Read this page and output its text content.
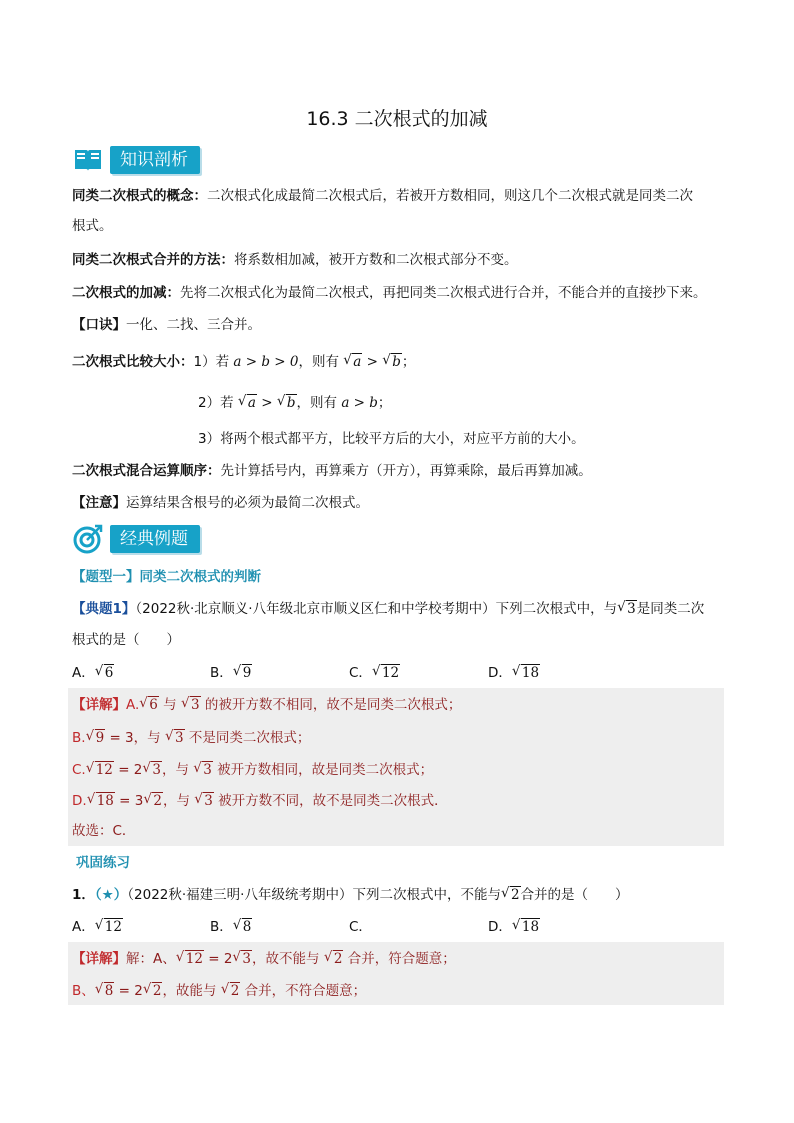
16.3 二次根式的加减
知识剖析
同类二次根式的概念：二次根式化成最简二次根式后，若被开方数相同，则这几个二次根式就是同类二次
根式。
同类二次根式合并的方法：将系数相加减，被开方数和二次根式部分不变。
二次根式的加减：先将二次根式化为最简二次根式，再把同类二次根式进行合并，不能合并的直接抄下来。
【口诀】一化、二找、三合并。
二次根式比较大小：1）若 a > b > 0，则有 √ a > √ b；
2）若 √ a > √ b，则有 a > b；
3）将两个根式都平方，比较平方后的大小，对应平方前的大小。
二次根式混合运算顺序：先计算括号内，再算乘方（开方），再算乘除，最后再算加减。
【注意】运算结果含根号的必须为最简二次根式。
经典例题
【题型一】同类二次根式的判断
【典题1】（2022秋·北京顺义·八年级北京市顺义区仁和中学校考期中）下列二次根式中，与 √ 3是同类二次
根式的是（　　）
A． √ 6	B． √ 9	C． √ 12	D． √ 18
【详解】A. √ 6 与 √ 3 的被开方数不相同，故不是同类二次根式；
B. √ 9 = 3，与 √ 3 不是同类二次根式；
C. √ 12 = 2 √ 3，与 √ 3 被开方数相同，故是同类二次根式；
D. √ 18 = 3 √ 2，与 √ 3 被开方数不同，故不是同类二次根式．
故选：C．
巩固练习
1．（★）（2022秋·福建三明·八年级统考期中）下列二次根式中，不能与 √ 2合并的是（　　）
A． √ 12	B． √ 8	C．	D． √ 18
【详解】解：A、 √ 12 = 2 √ 3，故不能与 √ 2 合并，符合题意；
B、 √ 8 = 2 √ 2，故能与 √ 2 合并，不符合题意；
